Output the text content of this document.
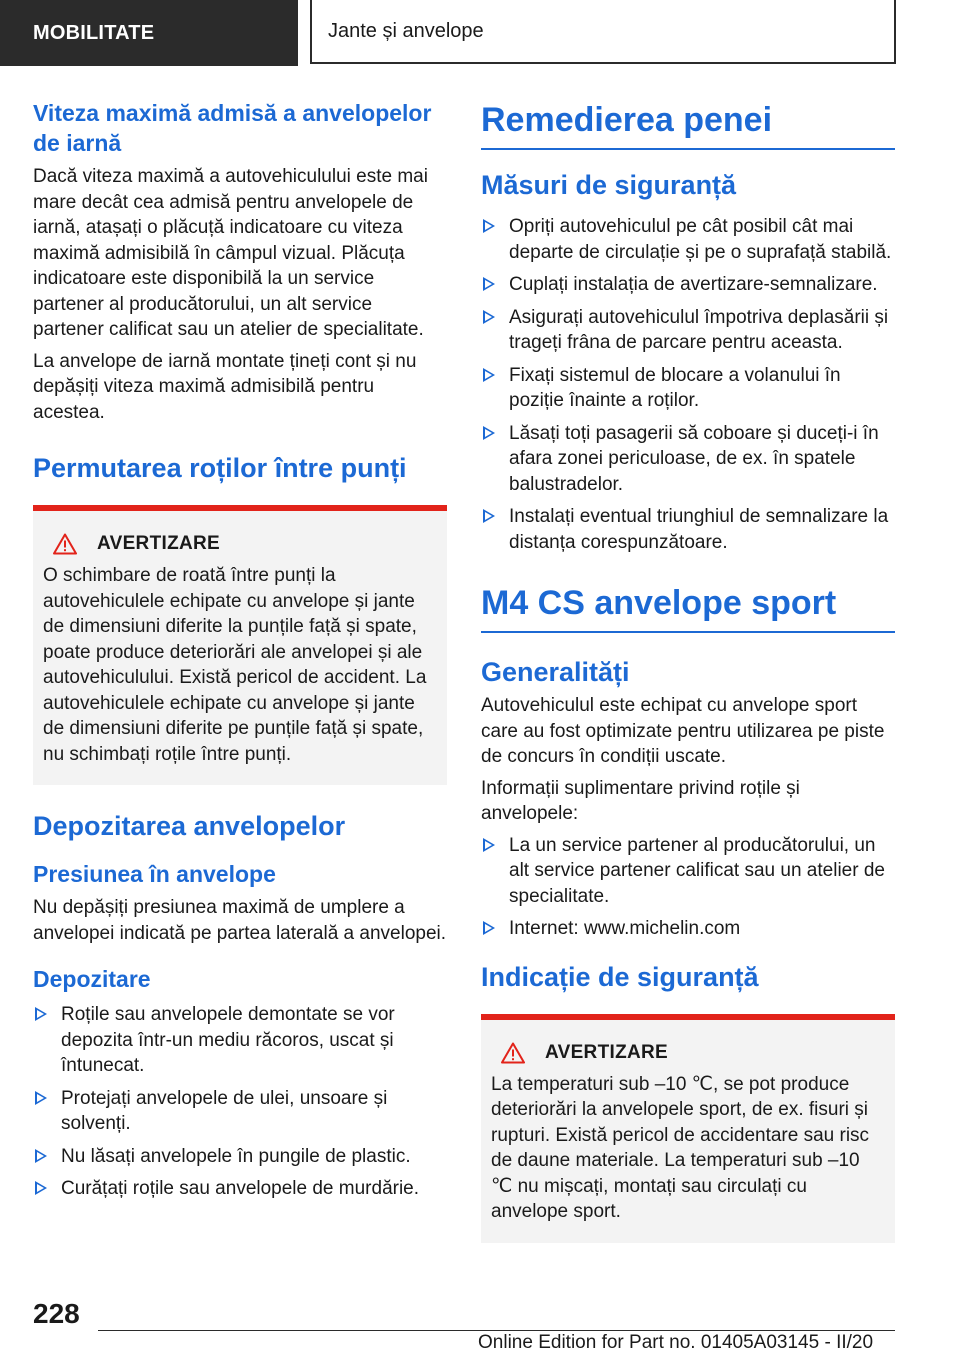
MOBILITATE	Jante și anvelope
Viteza maximă admisă a anvelopelor de iarnă

Dacă viteza maximă a autovehiculului este mai mare decât cea admisă pentru anvelopele de iarnă, atașați o plăcuță indicatoare cu viteza maximă admisibilă în câmpul vizual. Plăcuța indicatoare este disponibilă la un service partener al producătorului, un alt service partener calificat sau un atelier de specialitate.

La anvelope de iarnă montate țineți cont și nu depășiți viteza maximă admisibilă pentru acestea.

Permutarea roților între punți
AVERTIZARE

O schimbare de roată între punți la autovehiculele echipate cu anvelope și jante de dimensiuni diferite la punțile față și spate, poate produce deteriorări ale anvelopei și ale autovehiculului. Există pericol de accident. La autovehiculele echipate cu anvelope și jante de dimensiuni diferite pe punțile față și spate, nu schimbați roțile între punți.

Depozitarea anvelopelor
Presiunea în anvelope

Nu depășiți presiunea maximă de umplere a anvelopei indicată pe partea laterală a anvelopei.

Depozitare
Roțile sau anvelopele demontate se vor depozita într-un mediu răcoros, uscat și întunecat.
Protejați anvelopele de ulei, unsoare și solvenți.
Nu lăsați anvelopele în pungile de plastic.
Curățați roțile sau anvelopele de murdărie.
Remedierea penei
Măsuri de siguranță
Opriți autovehiculul pe cât posibil cât mai departe de circulație și pe o suprafață stabilă.
Cuplați instalația de avertizare-semnalizare.
Asigurați autovehiculul împotriva deplasării și trageți frâna de parcare pentru aceasta.
Fixați sistemul de blocare a volanului în poziție înainte a roților.
Lăsați toți pasagerii să coboare și duceți-i în afara zonei periculoase, de ex. în spatele balustradelor.
Instalați eventual triunghiul de semnalizare la distanța corespunzătoare.
M4 CS anvelope sport
Generalități

Autovehiculul este echipat cu anvelope sport care au fost optimizate pentru utilizarea pe piste de concurs în condiții uscate.

Informații suplimentare privind roțile și anvelopele:

La un service partener al producătorului, un alt service partener calificat sau un atelier de specialitate.
Internet: www.michelin.com
Indicație de siguranță
AVERTIZARE

La temperaturi sub –10 ℃, se pot produce deteriorări la anvelopele sport, de ex. fisuri și rupturi. Există pericol de accidentare sau risc de daune materiale. La temperaturi sub –10 ℃ nu mișcați, montați sau circulați cu anvelope sport.

228
Online Edition for Part no. 01405A03145 - II/20
